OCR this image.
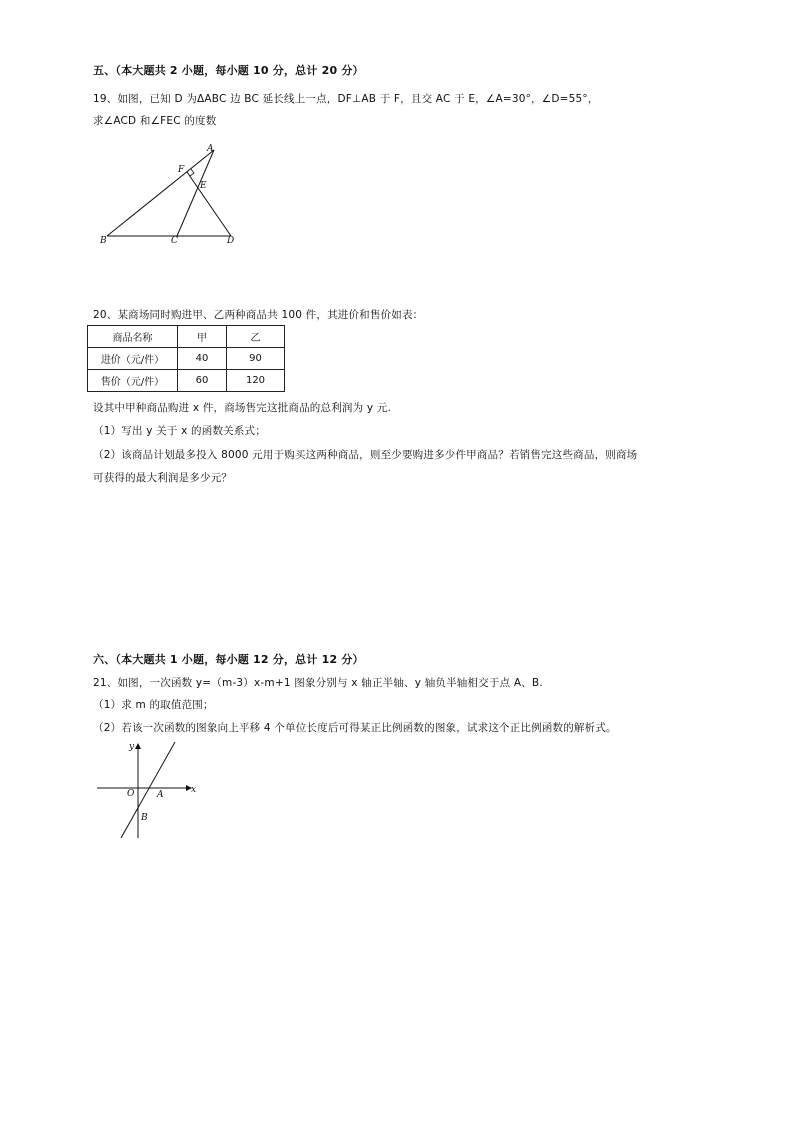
五、（本大题共 2 小题，每小题 10 分，总计 20 分）
19、如图，已知 D 为ΔABC 边 BC 延长线上一点，DF⊥AB 于 F，且交 AC 于 E，∠A=30°，∠D=55°，
求∠ACD 和∠FEC 的度数
A
F
E
B	C	D
20、某商场同时购进甲、乙两种商品共 100 件，其进价和售价如表：
商品名称	甲	乙
进价（元/件）	40	90
售价（元/件）	60	120
设其中甲种商品购进 x 件，商场售完这批商品的总利润为 y 元.
（1）写出 y 关于 x 的函数关系式；
（2）该商品计划最多投入 8000 元用于购买这两种商品，则至少要购进多少件甲商品？若销售完这些商品，则商场
可获得的最大利润是多少元？
六、（本大题共 1 小题，每小题 12 分，总计 12 分）
21、如图，一次函数 y=（m-3）x-m+1 图象分别与 x 轴正半轴、y 轴负半轴相交于点 A、B.
（1）求 m 的取值范围；
（2）若该一次函数的图象向上平移 4 个单位长度后可得某正比例函数的图象，试求这个正比例函数的解析式。
y
x
O	A
B
